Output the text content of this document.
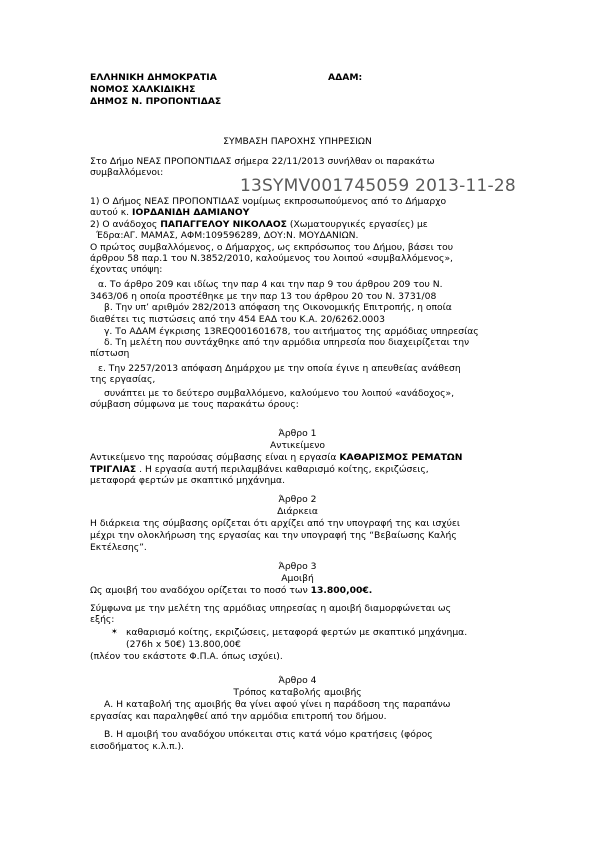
ΕΛΛΗΝΙΚΗ ΔΗΜΟΚΡΑΤΙΑ	ΑΔΑΜ:
ΝΟΜΟΣ ΧΑΛΚΙΔΙΚΗΣ
ΔΗΜΟΣ Ν. ΠΡΟΠΟΝΤΙΔΑΣ
ΣΥΜΒΑΣΗ ΠΑΡΟΧΗΣ ΥΠΗΡΕΣΙΩΝ
13SYMV001745059 2013-11-28
Στο Δήμο ΝΕΑΣ ΠΡΟΠΟΝΤΙΔΑΣ σήμερα 22/11/2013 συνήλθαν οι παρακάτω
συμβαλλόμενοι:
1) Ο Δήμος ΝΕΑΣ ΠΡΟΠΟΝΤΙΔΑΣ νομίμως εκπροσωπούμενος από το Δήμαρχο
αυτού κ. ΙΟΡΔΑΝΙΔΗ ΔΑΜΙΑΝΟΥ
2) Ο ανάδοχος ΠΑΠΑΓΓΕΛΟΥ ΝΙΚΟΛΑΟΣ (Χωματουργικές εργασίες) με
Έδρα:ΑΓ. ΜΑΜΑΣ, ΑΦΜ:109596289, ΔΟΥ:Ν. ΜΟΥΔΑΝΙΩΝ.
Ο πρώτος συμβαλλόμενος, ο Δήμαρχος, ως εκπρόσωπος του Δήμου, βάσει του
άρθρου 58 παρ.1 του Ν.3852/2010, καλούμενος του λοιπού «συμβαλλόμενος»,
έχοντας υπόψη:
α. Το άρθρο 209 και ιδίως την παρ 4 και την παρ 9 του άρθρου 209 του Ν.
3463/06 η οποία προστέθηκε με την παρ 13 του άρθρου 20 του Ν. 3731/08
β. Την υπ’ αριθμόν 282/2013 απόφαση της Οικονομικής Επιτροπής, η οποία
διαθέτει τις πιστώσεις από την 454 ΕΑΔ του Κ.Α. 20/6262.0003
γ. Το ΑΔΑΜ έγκρισης 13REQ001601678, του αιτήματος της αρμόδιας υπηρεσίας
δ. Τη μελέτη που συντάχθηκε από την αρμόδια υπηρεσία που διαχειρίζεται την
πίστωση
ε. Την 2257/2013 απόφαση Δημάρχου με την οποία έγινε η απευθείας ανάθεση
της εργασίας,
συνάπτει με το δεύτερο συμβαλλόμενο, καλούμενο του λοιπού «ανάδοχος»,
σύμβαση σύμφωνα με τους παρακάτω όρους:
Άρθρο 1
Αντικείμενο
Αντικείμενο της παρούσας σύμβασης είναι η εργασία ΚΑΘΑΡΙΣΜΟΣ ΡΕΜΑΤΩΝ
ΤΡΙΓΛΙΑΣ . Η εργασία αυτή περιλαμβάνει καθαρισμό κοίτης, εκριζώσεις,
μεταφορά φερτών με σκαπτικό μηχάνημα.
Άρθρο 2
Διάρκεια
Η διάρκεια της σύμβασης ορίζεται ότι αρχίζει από την υπογραφή της και ισχύει
μέχρι την ολοκλήρωση της εργασίας και την υπογραφή της “Βεβαίωσης Καλής
Εκτέλεσης”.
Άρθρο 3
Αμοιβή
Ως αμοιβή του αναδόχου ορίζεται το ποσό των 13.800,00€.
Σύμφωνα με την μελέτη της αρμόδιας υπηρεσίας η αμοιβή διαμορφώνεται ως
εξής:
✶ καθαρισμό κοίτης, εκριζώσεις, μεταφορά φερτών με σκαπτικό μηχάνημα.
(276h x 50€) 13.800,00€
(πλέον του εκάστοτε Φ.Π.Α. όπως ισχύει).
Άρθρο 4
Τρόπος καταβολής αμοιβής
Α. Η καταβολή της αμοιβής θα γίνει αφού γίνει η παράδοση της παραπάνω
εργασίας και παραληφθεί από την αρμόδια επιτροπή του δήμου.
Β. Η αμοιβή του αναδόχου υπόκειται στις κατά νόμο κρατήσεις (φόρος
εισοδήματος κ.λ.π.).
